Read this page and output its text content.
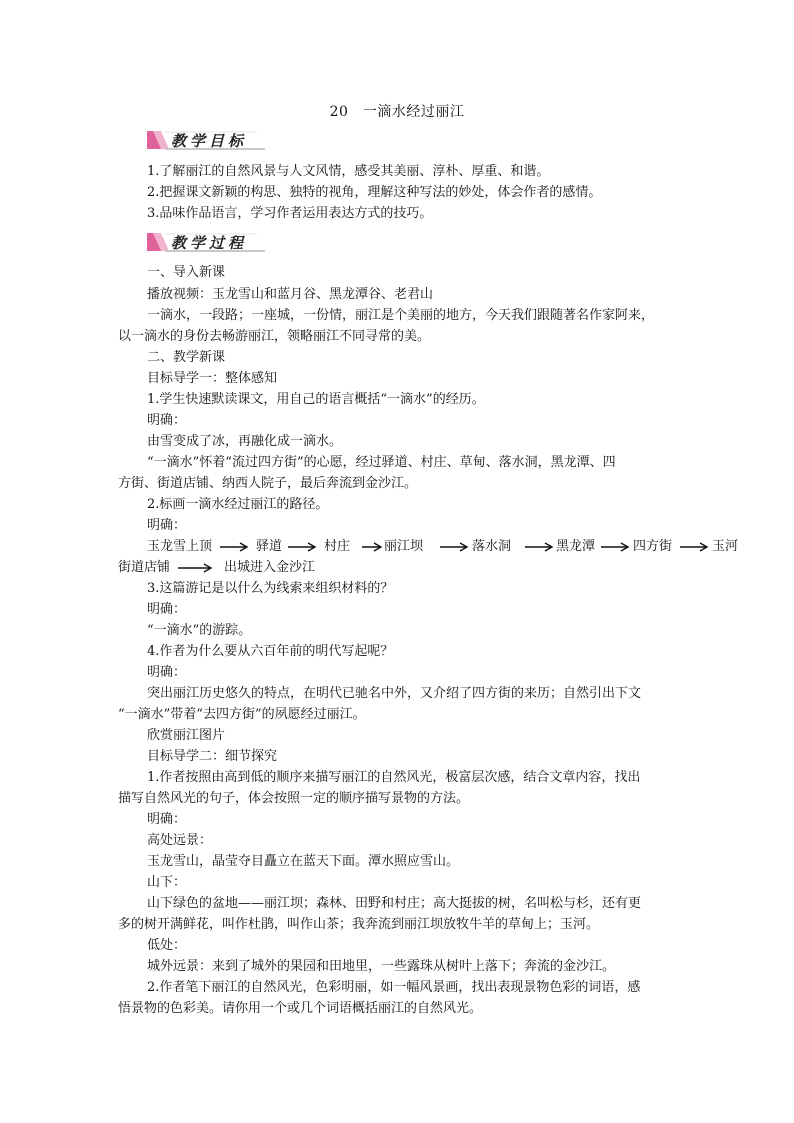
20　一滴水经过丽江
教学目标
1.了解丽江的自然风景与人文风情，感受其美丽、淳朴、厚重、和谐。
2.把握课文新颖的构思、独特的视角，理解这种写法的妙处，体会作者的感情。
3.品味作品语言，学习作者运用表达方式的技巧。
教学过程
一、导入新课
播放视频：玉龙雪山和蓝月谷、黑龙潭谷、老君山
一滴水，一段路；一座城，一份情，丽江是个美丽的地方，今天我们跟随著名作家阿来，
以一滴水的身份去畅游丽江，领略丽江不同寻常的美。
二、教学新课
目标导学一：整体感知
1.学生快速默读课文，用自己的语言概括“一滴水”的经历。
明确：
由雪变成了冰，再融化成一滴水。
“一滴水”怀着“流过四方街”的心愿，经过驿道、村庄、草甸、落水洞，黑龙潭、四
方街、街道店铺、纳西人院子，最后奔流到金沙江。
2.标画一滴水经过丽江的路径。
明确：
玉龙雪上顶	驿道	村庄	丽江坝	落水洞	黑龙潭	四方街	玉河
街道店铺	出城进入金沙江
3.这篇游记是以什么为线索来组织材料的？
明确：
“一滴水”的游踪。
4.作者为什么要从六百年前的明代写起呢？
明确：
突出丽江历史悠久的特点，在明代已驰名中外，又介绍了四方街的来历；自然引出下文
“一滴水”带着“去四方街”的夙愿经过丽江。
欣赏丽江图片
目标导学二：细节探究
1.作者按照由高到低的顺序来描写丽江的自然风光，极富层次感，结合文章内容，找出
描写自然风光的句子，体会按照一定的顺序描写景物的方法。
明确：
高处远景：
玉龙雪山，晶莹夺目矗立在蓝天下面。潭水照应雪山。
山下：
山下绿色的盆地——丽江坝；森林、田野和村庄；高大挺拔的树，名叫松与杉，还有更
多的树开满鲜花，叫作杜鹃，叫作山茶；我奔流到丽江坝放牧牛羊的草甸上；玉河。
低处：
城外远景：来到了城外的果园和田地里，一些露珠从树叶上落下；奔流的金沙江。
2.作者笔下丽江的自然风光，色彩明丽，如一幅风景画，找出表现景物色彩的词语，感
悟景物的色彩美。请你用一个或几个词语概括丽江的自然风光。
